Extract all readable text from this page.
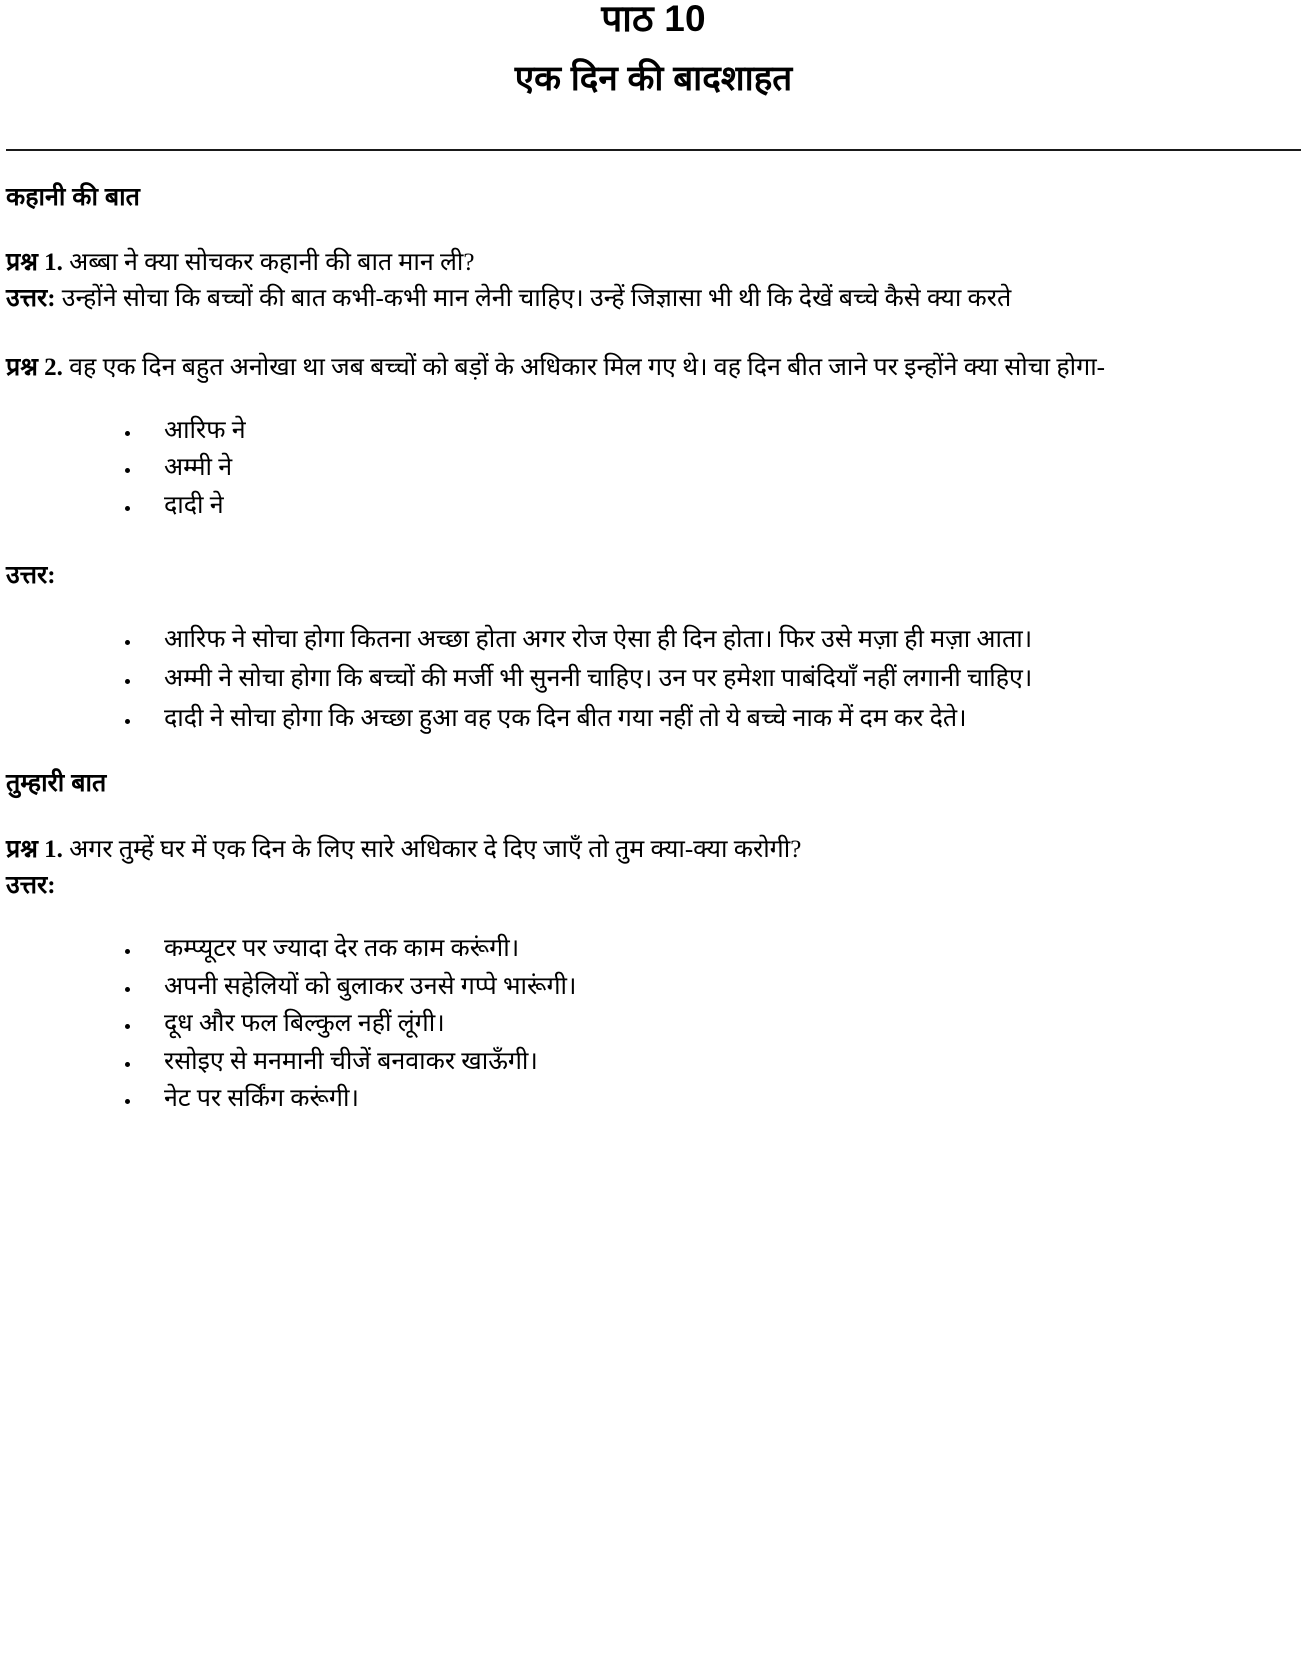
पाठ 10
एक दिन की बादशाहत
कहानी की बात

प्रश्न 1. अब्बा ने क्या सोचकर कहानी की बात मान ली?

उत्तर: उन्होंने सोचा कि बच्चों की बात कभी-कभी मान लेनी चाहिए। उन्हें जिज्ञासा भी थी कि देखें बच्चे कैसे क्या करते

प्रश्न 2. वह एक दिन बहुत अनोखा था जब बच्चों को बड़ों के अधिकार मिल गए थे। वह दिन बीत जाने पर इन्होंने क्या सोचा होगा-

• आरिफ ने
• अम्मी ने
• दादी ने

उत्तर:

• आरिफ ने सोचा होगा कितना अच्छा होता अगर रोज ऐसा ही दिन होता। फिर उसे मज़ा ही मज़ा आता।
• अम्मी ने सोचा होगा कि बच्चों की मर्जी भी सुननी चाहिए। उन पर हमेशा पाबंदियाँ नहीं लगानी चाहिए।
• दादी ने सोचा होगा कि अच्छा हुआ वह एक दिन बीत गया नहीं तो ये बच्चे नाक में दम कर देते।
तुम्हारी बात

प्रश्न 1. अगर तुम्हें घर में एक दिन के लिए सारे अधिकार दे दिए जाएँ तो तुम क्या-क्या करोगी?

उत्तर:

• कम्प्यूटर पर ज्यादा देर तक काम करूंगी।
• अपनी सहेलियों को बुलाकर उनसे गप्पे भारूंगी।
• दूध और फल बिल्कुल नहीं लूंगी।
• रसोइए से मनमानी चीजें बनवाकर खाऊँगी।
• नेट पर सर्किंग करूंगी।
